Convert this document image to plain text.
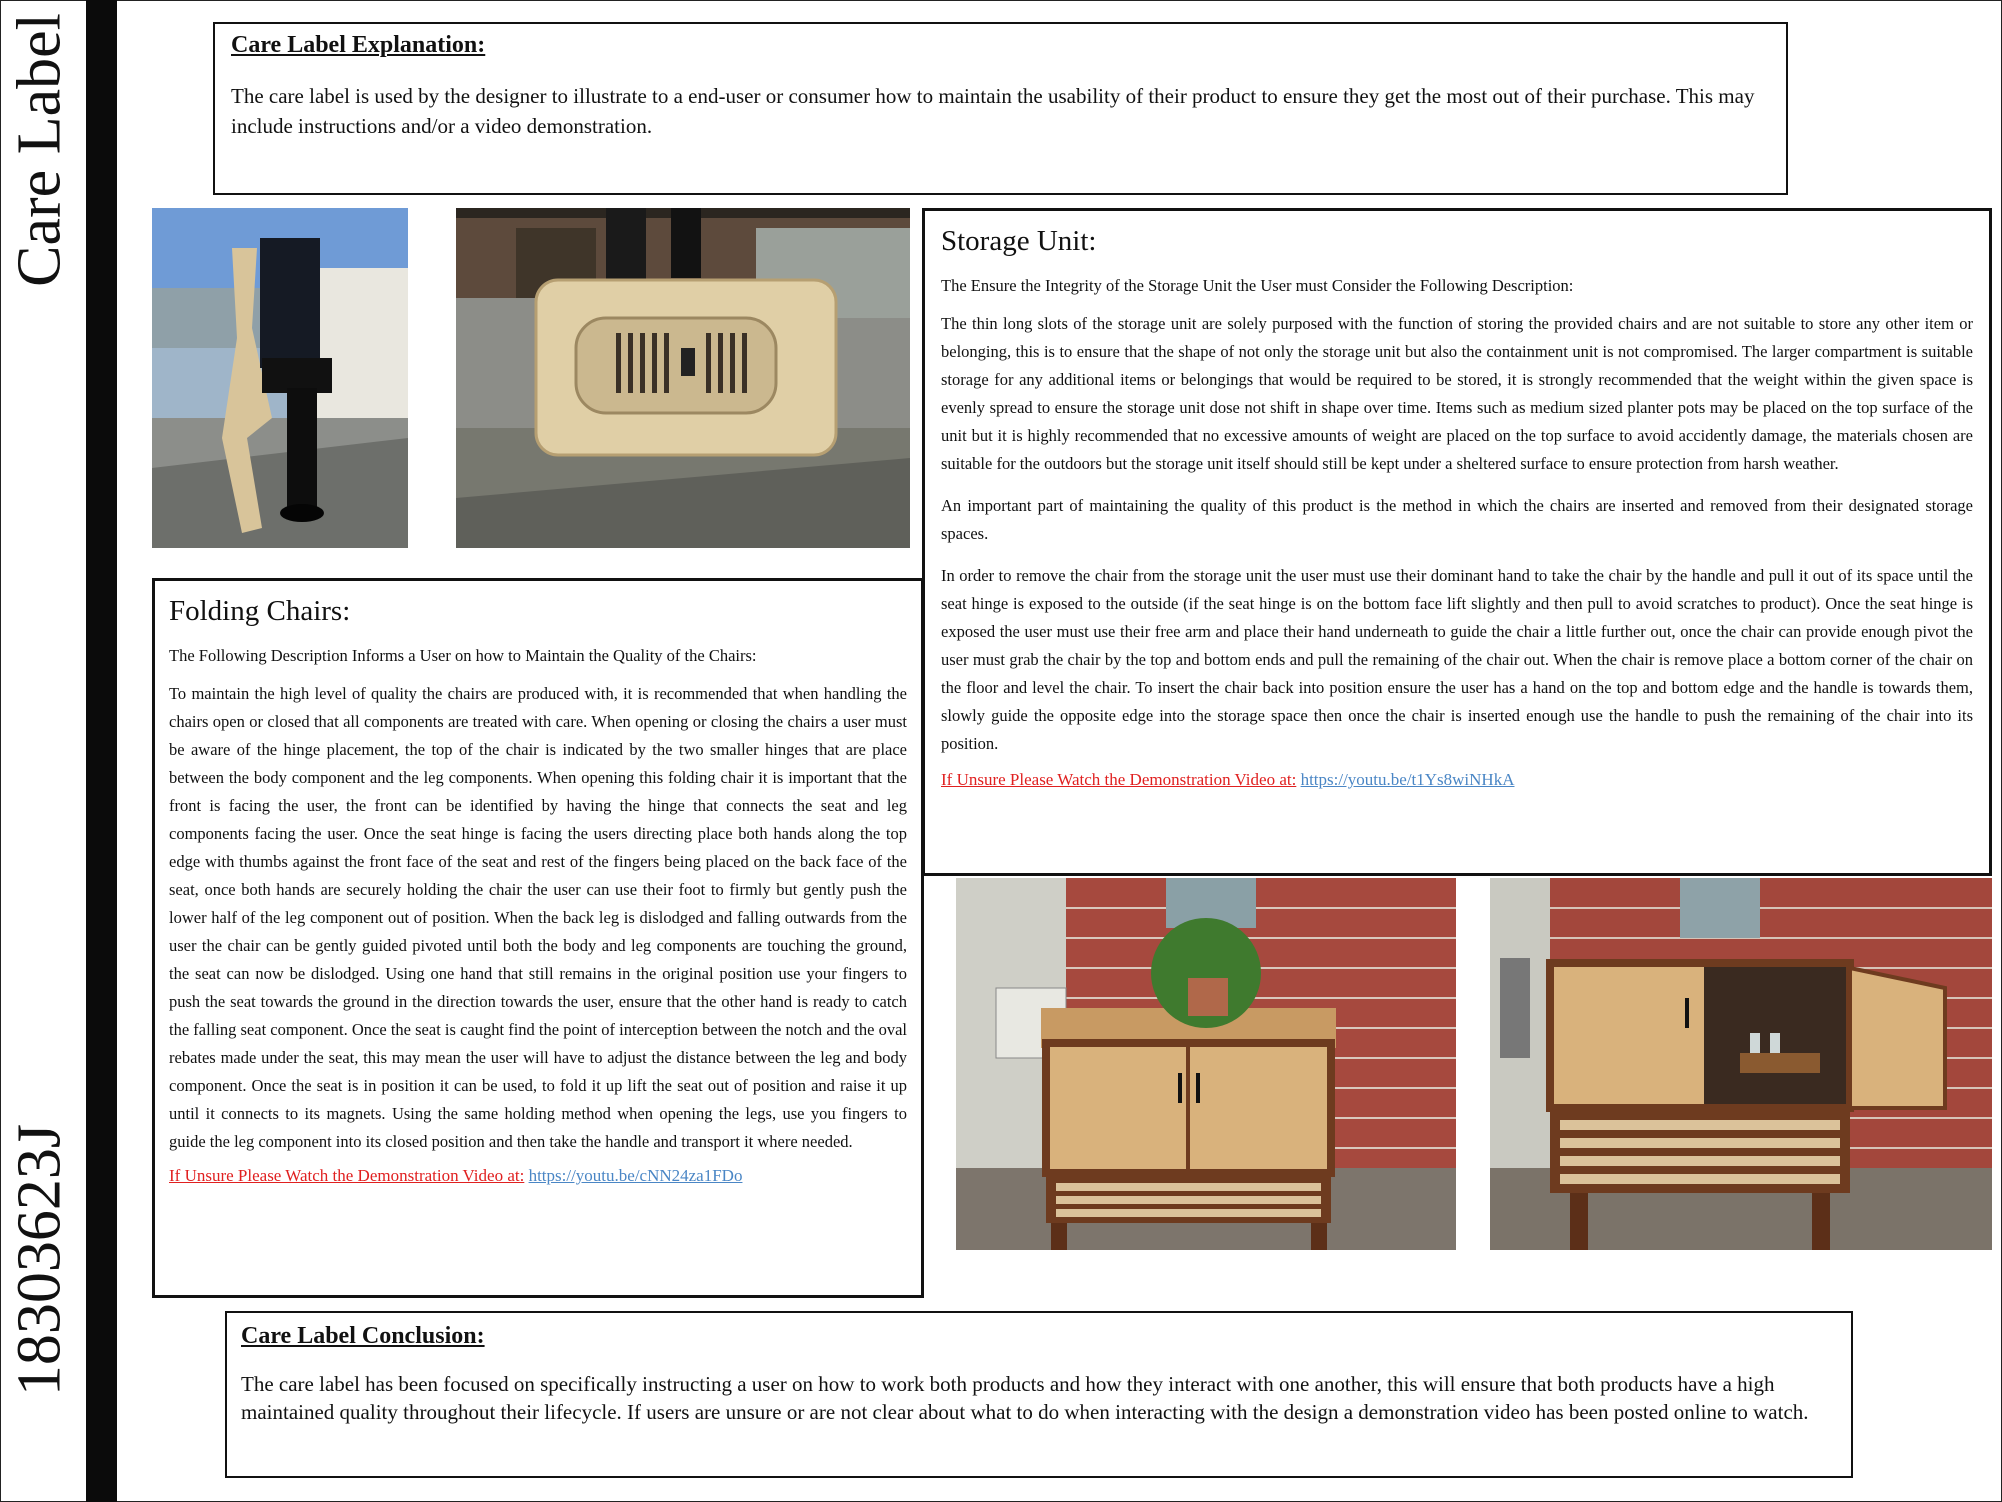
Care Label
18303623J

Care Label Explanation:

The care label is used by the designer to illustrate to a end-user or consumer how to maintain the usability of their product to ensure they get the most out of their purchase. This may include instructions and/or a video demonstration.

Storage Unit:

The Ensure the Integrity of the Storage Unit the User must Consider the Following Description:

The thin long slots of the storage unit are solely purposed with the function of storing the provided chairs and are not suitable to store any other item or belonging, this is to ensure that the shape of not only the storage unit but also the containment unit is not compromised. The larger compartment is suitable storage for any additional items or belongings that would be required to be stored, it is strongly recommended that the weight within the given space is evenly spread to ensure the storage unit dose not shift in shape over time. Items such as medium sized planter pots may be placed on the top surface of the unit but it is highly recommended that no excessive amounts of weight are placed on the top surface to avoid accidently damage, the materials chosen are suitable for the outdoors but the storage unit itself should still be kept under a sheltered surface to ensure protection from harsh weather.

An important part of maintaining the quality of this product is the method in which the chairs are inserted and removed from their designated storage spaces.

In order to remove the chair from the storage unit the user must use their dominant hand to take the chair by the handle and pull it out of its space until the seat hinge is exposed to the outside (if the seat hinge is on the bottom face lift slightly and then pull to avoid scratches to product). Once the seat hinge is exposed the user must use their free arm and place their hand underneath to guide the chair a little further out, once the chair can provide enough pivot the user must grab the chair by the top and bottom ends and pull the remaining of the chair out. When the chair is remove place a bottom corner of the chair on the floor and level the chair. To insert the chair back into position ensure the user has a hand on the top and bottom edge and the handle is towards them, slowly guide the opposite edge into the storage space then once the chair is inserted enough use the handle to push the remaining of the chair into its position.

If Unsure Please Watch the Demonstration Video at: https://youtu.be/t1Ys8wiNHkA

Folding Chairs:

The Following Description Informs a User on how to Maintain the Quality of the Chairs:

To maintain the high level of quality the chairs are produced with, it is recommended that when handling the chairs open or closed that all components are treated with care. When opening or closing the chairs a user must be aware of the hinge placement, the top of the chair is indicated by the two smaller hinges that are place between the body component and the leg components. When opening this folding chair it is important that the front is facing the user, the front can be identified by having the hinge that connects the seat and leg components facing the user. Once the seat hinge is facing the users directing place both hands along the top edge with thumbs against the front face of the seat and rest of the fingers being placed on the back face of the seat, once both hands are securely holding the chair the user can use their foot to firmly but gently push the lower half of the leg component out of position. When the back leg is dislodged and falling outwards from the user the chair can be gently guided pivoted until both the body and leg components are touching the ground, the seat can now be dislodged. Using one hand that still remains in the original position use your fingers to push the seat towards the ground in the direction towards the user, ensure that the other hand is ready to catch the falling seat component. Once the seat is caught find the point of interception between the notch and the oval rebates made under the seat, this may mean the user will have to adjust the distance between the leg and body component. Once the seat is in position it can be used, to fold it up lift the seat out of position and raise it up until it connects to its magnets. Using the same holding method when opening the legs, use you fingers to guide the leg component into its closed position and then take the handle and transport it where needed.

If Unsure Please Watch the Demonstration Video at: https://youtu.be/cNN24za1FDo

Care Label Conclusion:

The care label has been focused on specifically instructing a user on how to work both products and how they interact with one another, this will ensure that both products have a high maintained quality throughout their lifecycle. If users are unsure or are not clear about what to do when interacting with the design a demonstration video has been posted online to watch.
